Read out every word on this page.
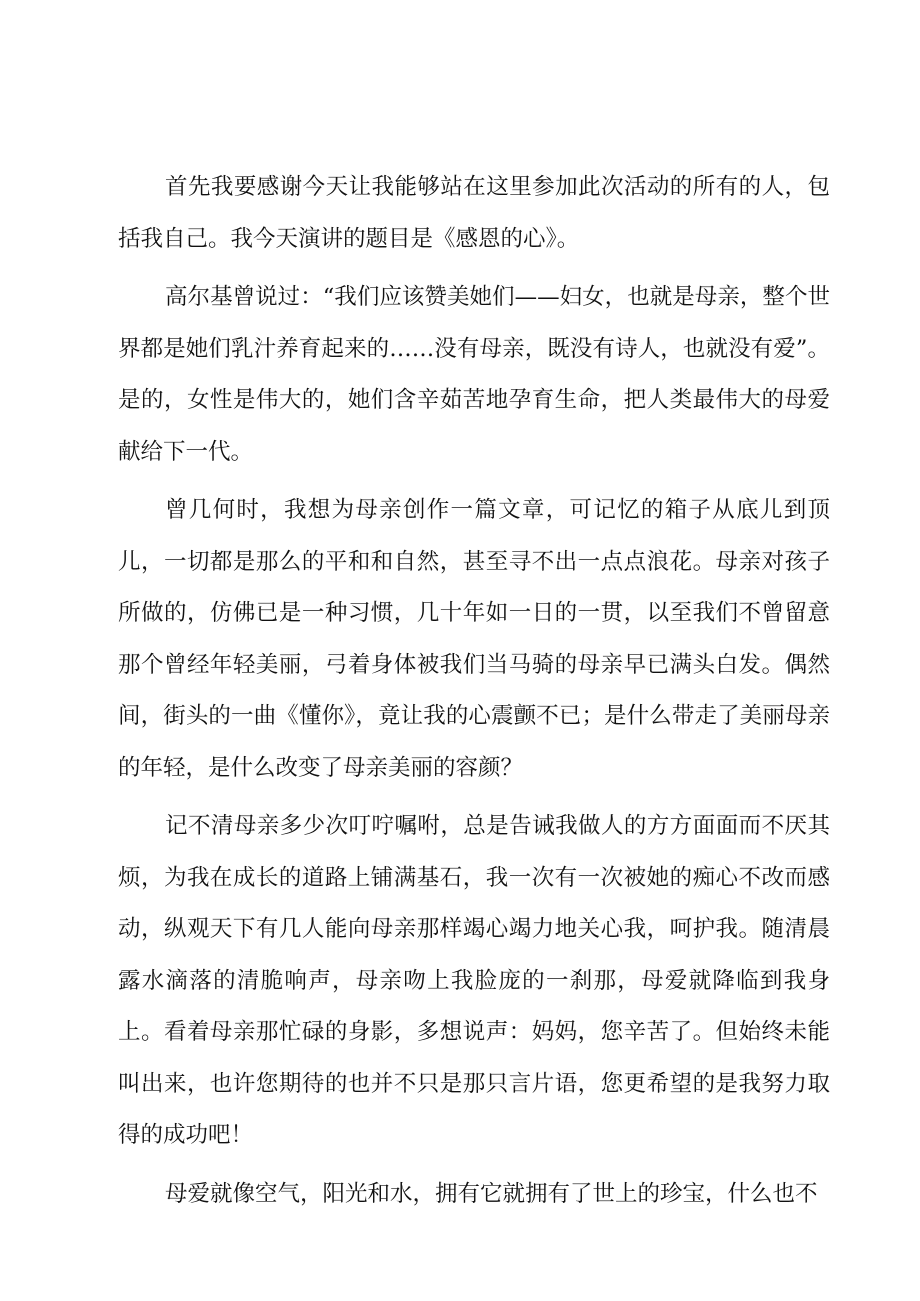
首先我要感谢今天让我能够站在这里参加此次活动的所有的人，包括我自己。我今天演讲的题目是《感恩的心》。

高尔基曾说过：“我们应该赞美她们——妇女，也就是母亲，整个世界都是她们乳汁养育起来的……没有母亲，既没有诗人，也就没有爱”。是的，女性是伟大的，她们含辛茹苦地孕育生命，把人类最伟大的母爱献给下一代。

曾几何时，我想为母亲创作一篇文章，可记忆的箱子从底儿到顶儿，一切都是那么的平和和自然，甚至寻不出一点点浪花。母亲对孩子所做的，仿佛已是一种习惯，几十年如一日的一贯，以至我们不曾留意那个曾经年轻美丽，弓着身体被我们当马骑的母亲早已满头白发。偶然间，街头的一曲《懂你》，竟让我的心震颤不已；是什么带走了美丽母亲的年轻，是什么改变了母亲美丽的容颜？

记不清母亲多少次叮咛嘱咐，总是告诫我做人的方方面面而不厌其烦，为我在成长的道路上铺满基石，我一次有一次被她的痴心不改而感动，纵观天下有几人能向母亲那样竭心竭力地关心我，呵护我。随清晨露水滴落的清脆响声，母亲吻上我脸庞的一刹那，母爱就降临到我身上。看着母亲那忙碌的身影，多想说声：妈妈，您辛苦了。但始终未能叫出来，也许您期待的也并不只是那只言片语，您更希望的是我努力取得的成功吧！

母爱就像空气，阳光和水，拥有它就拥有了世上的珍宝，什么也不
